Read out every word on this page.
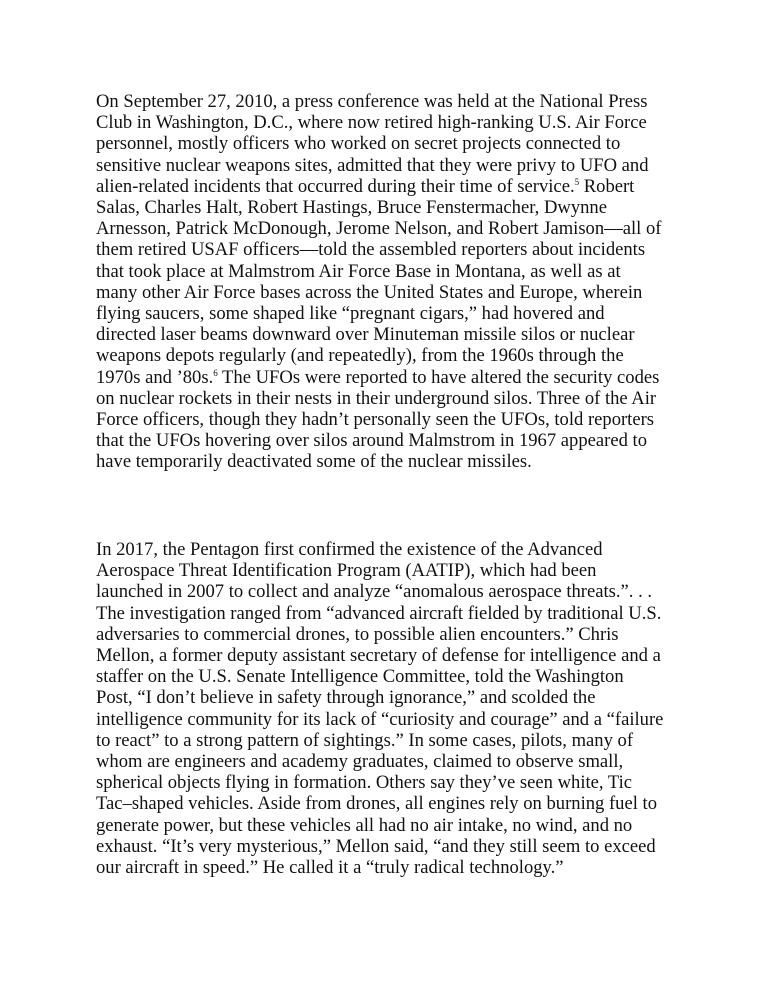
On September 27, 2010, a press conference was held at the National Press
Club in Washington, D.C., where now retired high-ranking U.S. Air Force
personnel, mostly officers who worked on secret projects connected to
sensitive nuclear weapons sites, admitted that they were privy to UFO and
alien-related incidents that occurred during their time of service.$^5$ Robert
Salas, Charles Halt, Robert Hastings, Bruce Fenstermacher, Dwynne
Arnesson, Patrick McDonough, Jerome Nelson, and Robert Jamison—all of
them retired USAF officers—told the assembled reporters about incidents
that took place at Malmstrom Air Force Base in Montana, as well as at
many other Air Force bases across the United States and Europe, wherein
flying saucers, some shaped like “pregnant cigars,” had hovered and
directed laser beams downward over Minuteman missile silos or nuclear
weapons depots regularly (and repeatedly), from the 1960s through the
1970s and ’80s.$^6$ The UFOs were reported to have altered the security codes
on nuclear rockets in their nests in their underground silos. Three of the Air
Force officers, though they hadn’t personally seen the UFOs, told reporters
that the UFOs hovering over silos around Malmstrom in 1967 appeared to
have temporarily deactivated some of the nuclear missiles.
In 2017, the Pentagon first confirmed the existence of the Advanced
Aerospace Threat Identification Program (AATIP), which had been
launched in 2007 to collect and analyze “anomalous aerospace threats.”. . .
The investigation ranged from “advanced aircraft fielded by traditional U.S.
adversaries to commercial drones, to possible alien encounters.” Chris
Mellon, a former deputy assistant secretary of defense for intelligence and a
staffer on the U.S. Senate Intelligence Committee, told the Washington
Post, “I don’t believe in safety through ignorance,” and scolded the
intelligence community for its lack of “curiosity and courage” and a “failure
to react” to a strong pattern of sightings.” In some cases, pilots, many of
whom are engineers and academy graduates, claimed to observe small,
spherical objects flying in formation. Others say they’ve seen white, Tic
Tac–shaped vehicles. Aside from drones, all engines rely on burning fuel to
generate power, but these vehicles all had no air intake, no wind, and no
exhaust. “It’s very mysterious,” Mellon said, “and they still seem to exceed
our aircraft in speed.” He called it a “truly radical technology.”
